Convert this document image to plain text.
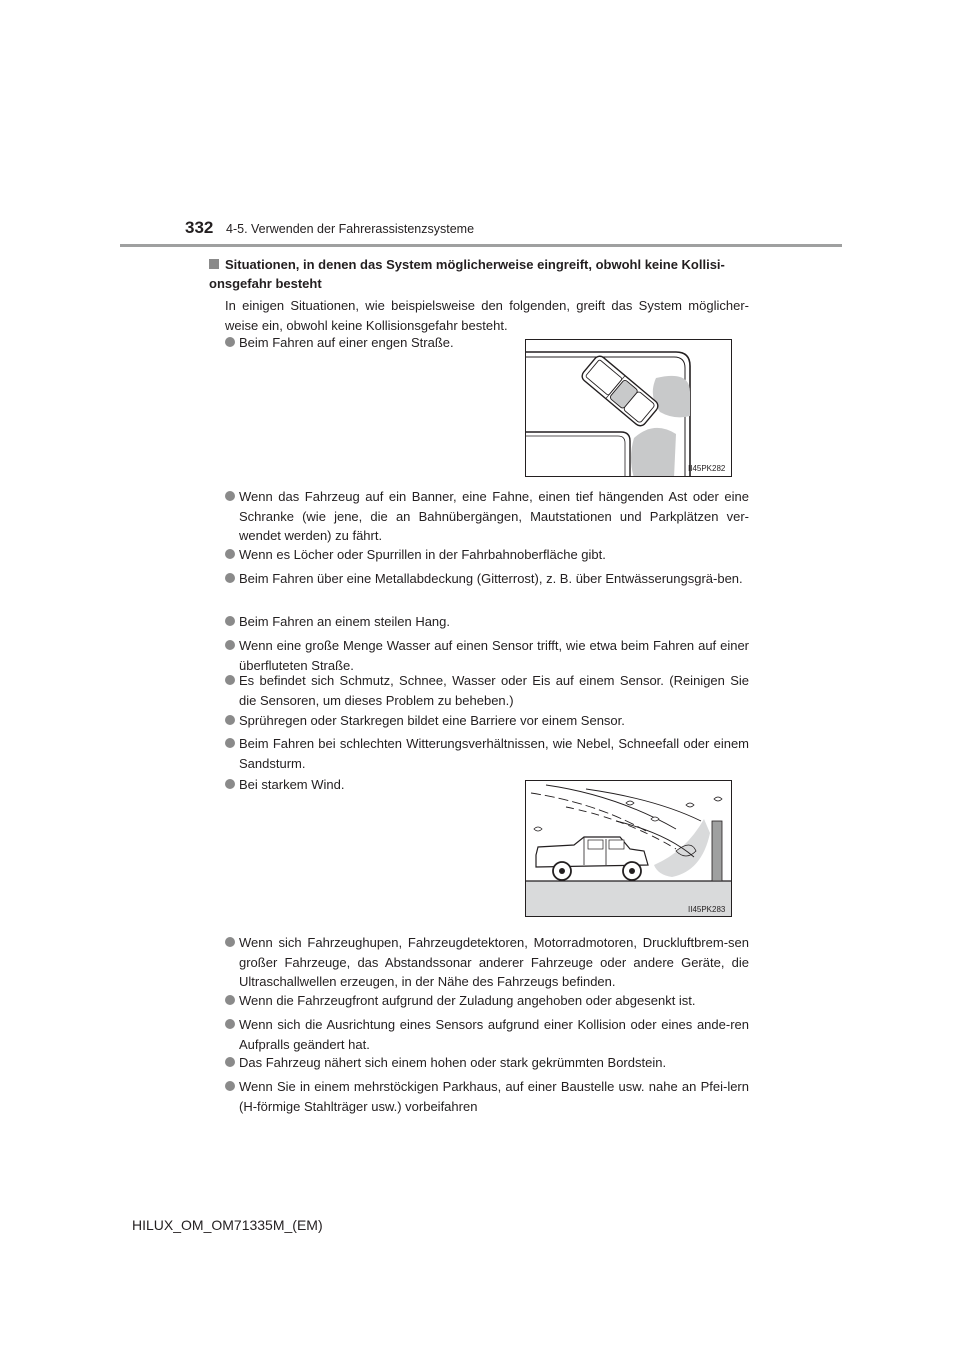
332 4-5. Verwenden der Fahrerassistenzsysteme
Situationen, in denen das System möglicherweise eingreift, obwohl keine Kollisi-onsgefahr besteht
In einigen Situationen, wie beispielsweise den folgenden, greift das System möglicher-weise ein, obwohl keine Kollisionsgefahr besteht.
Beim Fahren auf einer engen Straße.
II45PK282
Wenn das Fahrzeug auf ein Banner, eine Fahne, einen tief hängenden Ast oder eine Schranke (wie jene, die an Bahnübergängen, Mautstationen und Parkplätzen ver-wendet werden) zu fährt.
Wenn es Löcher oder Spurrillen in der Fahrbahnoberfläche gibt.
Beim Fahren über eine Metallabdeckung (Gitterrost), z. B. über Entwässerungsgrä-ben.
Beim Fahren an einem steilen Hang.
Wenn eine große Menge Wasser auf einen Sensor trifft, wie etwa beim Fahren auf einer überfluteten Straße.
Es befindet sich Schmutz, Schnee, Wasser oder Eis auf einem Sensor. (Reinigen Sie die Sensoren, um dieses Problem zu beheben.)
Sprühregen oder Starkregen bildet eine Barriere vor einem Sensor.
Beim Fahren bei schlechten Witterungsverhältnissen, wie Nebel, Schneefall oder einem Sandsturm.
Bei starkem Wind.
II45PK283
Wenn sich Fahrzeughupen, Fahrzeugdetektoren, Motorradmotoren, Druckluftbrem-sen großer Fahrzeuge, das Abstandssonar anderer Fahrzeuge oder andere Geräte, die Ultraschallwellen erzeugen, in der Nähe des Fahrzeugs befinden.
Wenn die Fahrzeugfront aufgrund der Zuladung angehoben oder abgesenkt ist.
Wenn sich die Ausrichtung eines Sensors aufgrund einer Kollision oder eines ande-ren Aufpralls geändert hat.
Das Fahrzeug nähert sich einem hohen oder stark gekrümmten Bordstein.
Wenn Sie in einem mehrstöckigen Parkhaus, auf einer Baustelle usw. nahe an Pfei-lern (H-förmige Stahlträger usw.) vorbeifahren
HILUX_OM_OM71335M_(EM)
